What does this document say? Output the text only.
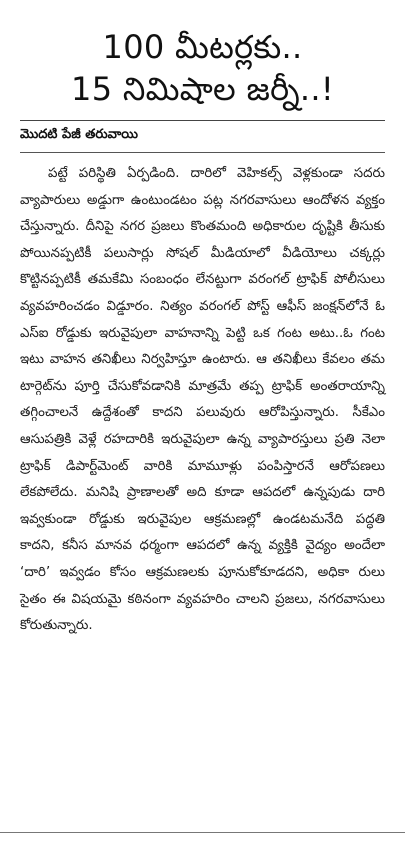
100 మీటర్లకు..
15 నిమిషాల జర్నీ..!
మొదటి పేజీ తరువాయి

పట్టే పరిస్థితి ఏర్పడింది. దారిలో వెహికల్స్ వెళ్లకుండా సదరు వ్యాపారులు అడ్డుగా ఉంటుండటం పట్ల నగరవాసులు ఆందోళన వ్యక్తం చేస్తున్నారు. దీనిపై నగర ప్రజలు కొంతమంది అధికారుల దృష్టికి తీసుకు పోయినప్పటికీ పలుసార్లు సోషల్ మీడియాలో వీడియోలు చక్కర్లు కొట్టినప్పటికీ తమకేమి సంబంధం లేనట్టుగా వరంగల్ ట్రాఫిక్ పోలీసులు వ్యవహరించడం విడ్డూరం. నిత్యం వరంగల్ పోస్ట్ ఆఫీస్ జంక్షన్‌లోనే ఓ ఎస్ఐ రోడ్డుకు ఇరువైపులా వాహనాన్ని పెట్టి ఒక గంట అటు..ఓ గంట ఇటు వాహన తనిఖీలు నిర్వహిస్తూ ఉంటారు. ఆ తనిఖీలు కేవలం తమ టార్గెట్‌ను పూర్తి చేసుకోవడానికి మాత్రమే తప్ప ట్రాఫిక్ అంతరాయాన్ని తగ్గించాలనే ఉద్దేశంతో కాదని పలువురు ఆరోపిస్తున్నారు. సీకేఎం ఆసుపత్రికి వెళ్లే రహదారికి ఇరువైపులా ఉన్న వ్యాపారస్తులు ప్రతి నెలా ట్రాఫిక్ డిపార్ట్‌మెంట్ వారికి మామూళ్లు పంపిస్తారనే ఆరోపణలు లేకపోలేదు. మనిషి ప్రాణాలతో అది కూడా ఆపదలో ఉన్నపుడు దారి ఇవ్వకుండా రోడ్డుకు ఇరువైపుల ఆక్రమణల్లో ఉండటమనేది పద్ధతి కాదని, కనీస మానవ ధర్మంగా ఆపదలో ఉన్న వ్యక్తికి వైద్యం అందేలా ‘దారి’ ఇవ్వడం కోసం ఆక్రమణలకు పూనుకోకూడదని, అధికా రులు సైతం ఈ విషయమై కఠినంగా వ్యవహరిం చాలని ప్రజలు, నగరవాసులు కోరుతున్నారు.
